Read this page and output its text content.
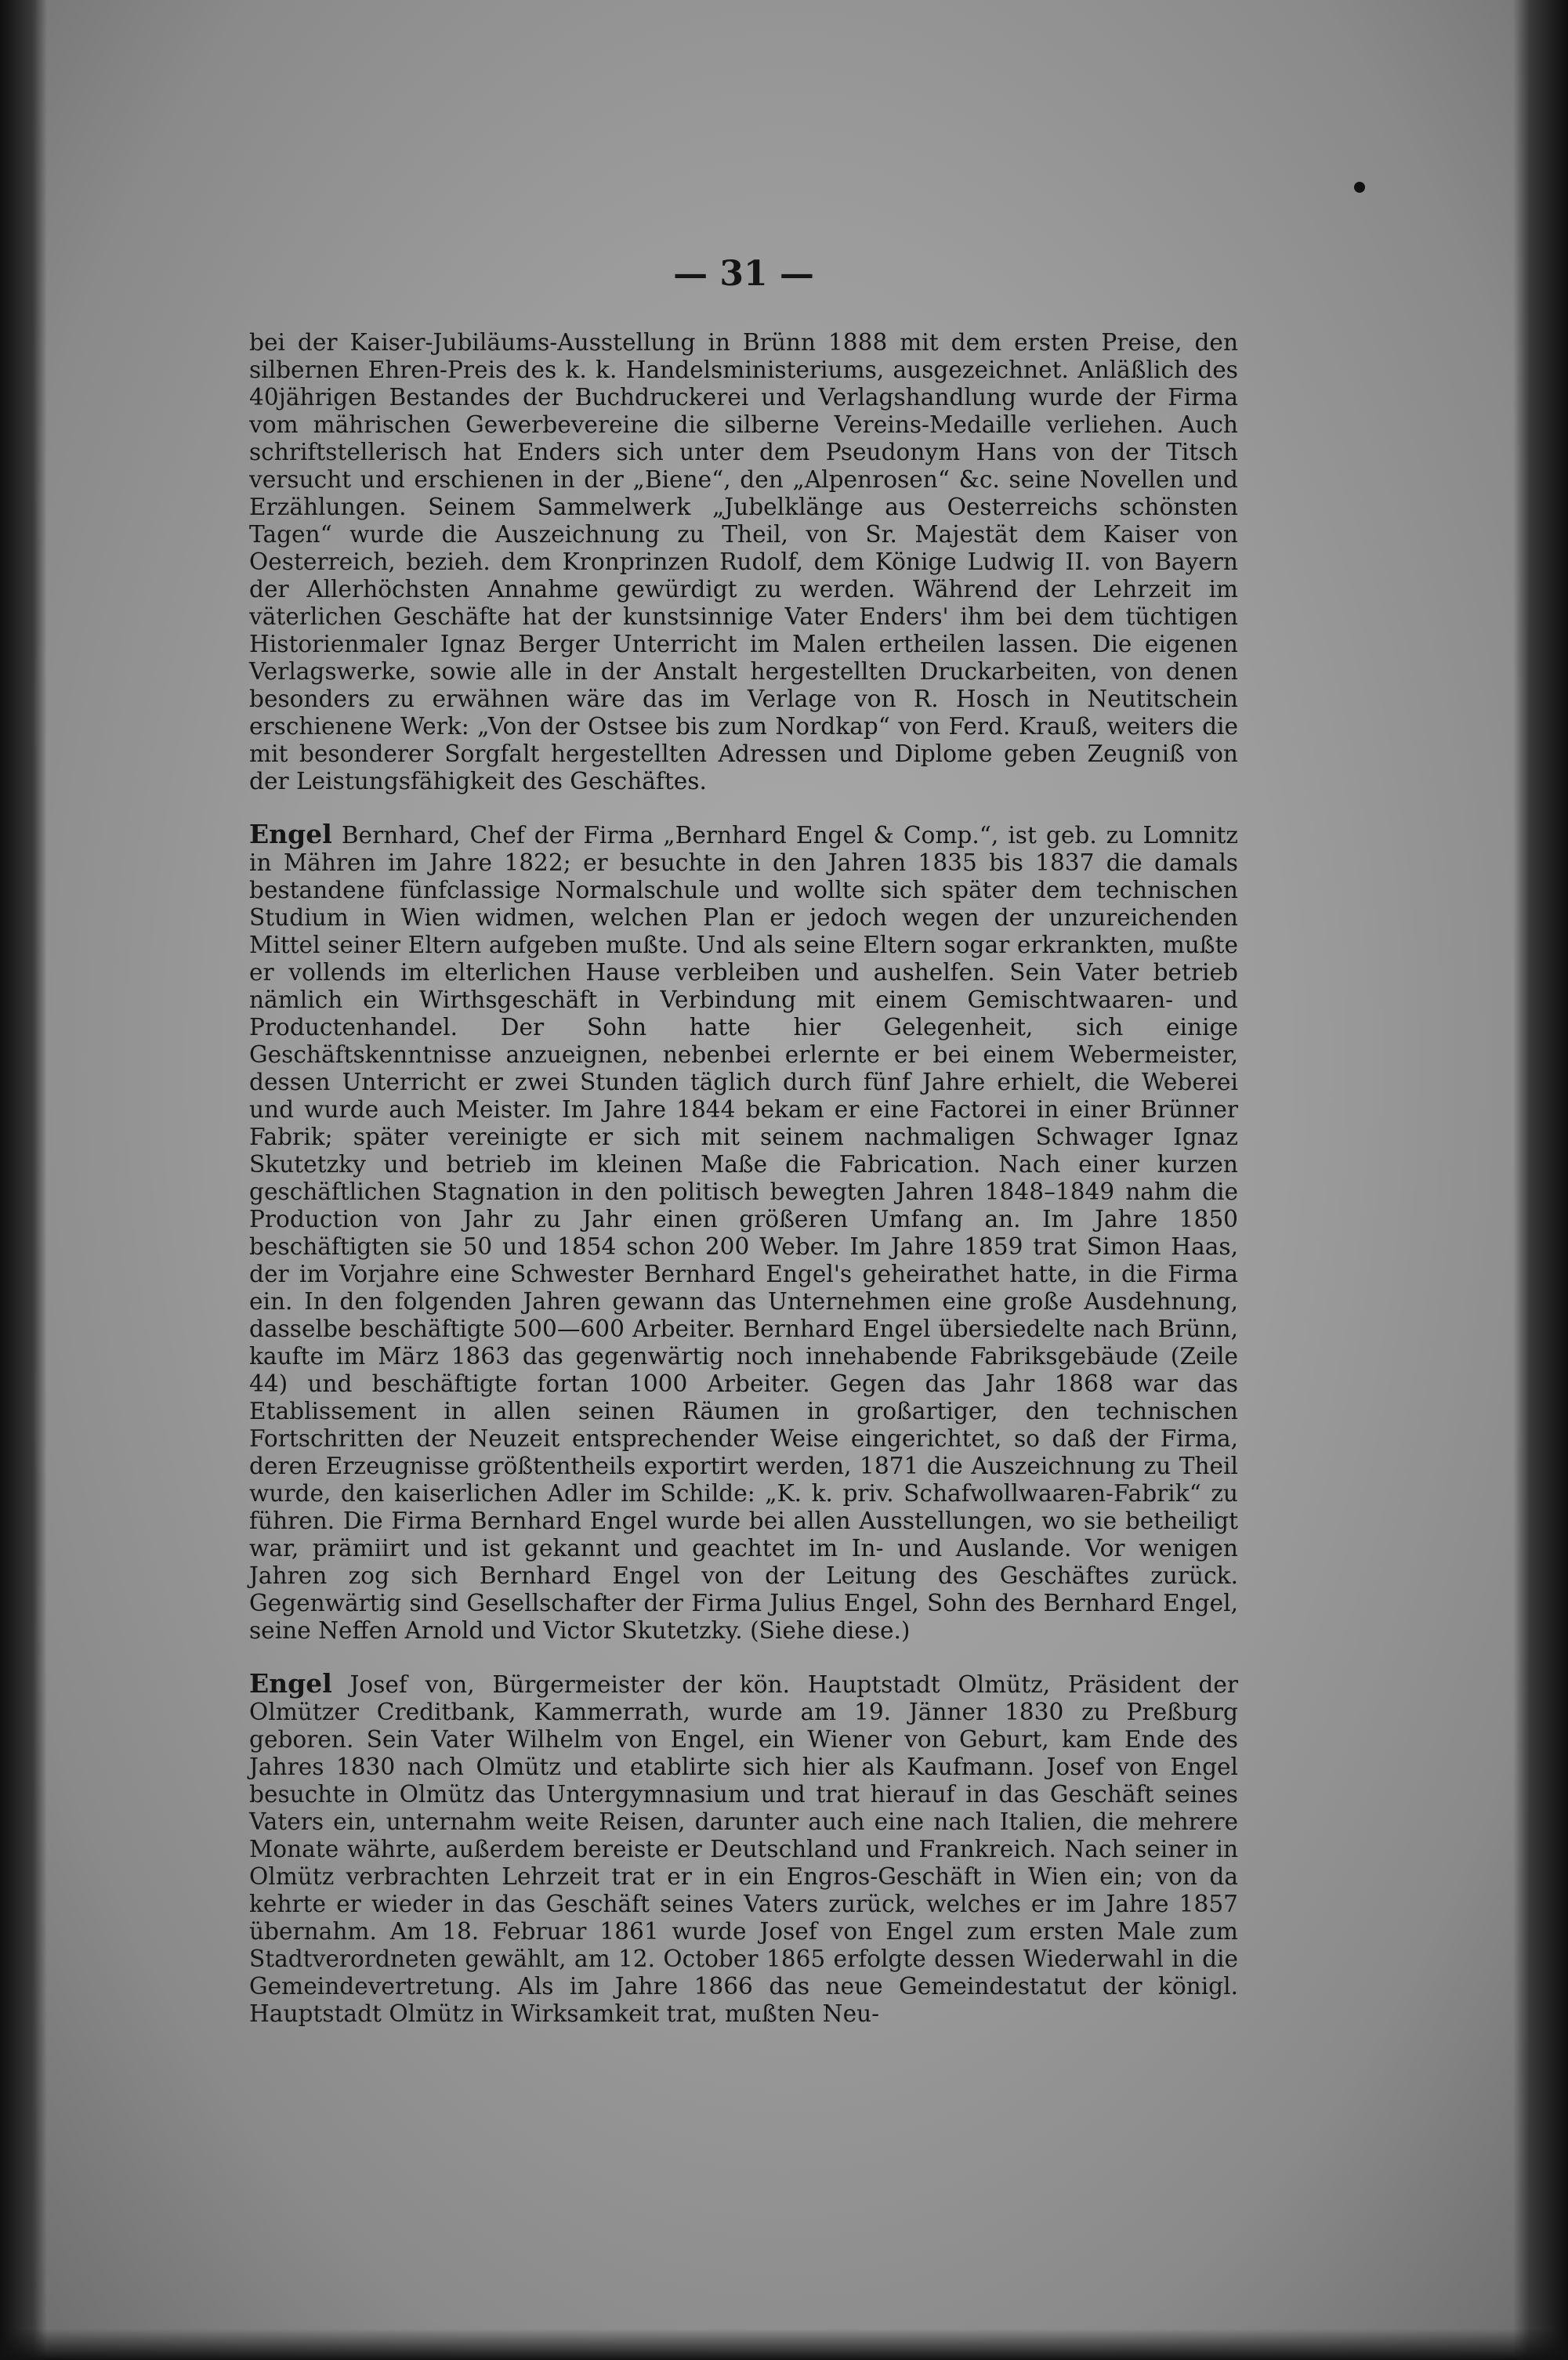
— 31 —

bei der Kaiser-Jubiläums-Ausstellung in Brünn 1888 mit dem ersten Preise, den silbernen Ehren-Preis des k. k. Handelsministeriums, ausgezeichnet. Anläßlich des 40jährigen Bestandes der Buchdruckerei und Verlagshandlung wurde der Firma vom mährischen Gewerbevereine die silberne Vereins-Medaille verliehen. Auch schriftstellerisch hat Enders sich unter dem Pseudonym Hans von der Titsch versucht und erschienen in der „Biene“, den „Alpenrosen“ &c. seine Novellen und Erzählungen. Seinem Sammelwerk „Jubelklänge aus Oesterreichs schönsten Tagen“ wurde die Auszeichnung zu Theil, von Sr. Majestät dem Kaiser von Oesterreich, bezieh. dem Kronprinzen Rudolf, dem Könige Ludwig II. von Bayern der Allerhöchsten Annahme gewürdigt zu werden. Während der Lehrzeit im väterlichen Geschäfte hat der kunstsinnige Vater Enders' ihm bei dem tüchtigen Historienmaler Ignaz Berger Unterricht im Malen ertheilen lassen. Die eigenen Verlagswerke, sowie alle in der Anstalt hergestellten Druckarbeiten, von denen besonders zu erwähnen wäre das im Verlage von R. Hosch in Neutitschein erschienene Werk: „Von der Ostsee bis zum Nordkap“ von Ferd. Krauß, weiters die mit besonderer Sorgfalt hergestellten Adressen und Diplome geben Zeugniß von der Leistungsfähigkeit des Geschäftes.

Engel Bernhard, Chef der Firma „Bernhard Engel & Comp.“, ist geb. zu Lomnitz in Mähren im Jahre 1822; er besuchte in den Jahren 1835 bis 1837 die damals bestandene fünfclassige Normalschule und wollte sich später dem technischen Studium in Wien widmen, welchen Plan er jedoch wegen der unzureichenden Mittel seiner Eltern aufgeben mußte. Und als seine Eltern sogar erkrankten, mußte er vollends im elterlichen Hause verbleiben und aushelfen. Sein Vater betrieb nämlich ein Wirthsgeschäft in Verbindung mit einem Gemischtwaaren- und Productenhandel. Der Sohn hatte hier Gelegenheit, sich einige Geschäftskenntnisse anzueignen, nebenbei erlernte er bei einem Webermeister, dessen Unterricht er zwei Stunden täglich durch fünf Jahre erhielt, die Weberei und wurde auch Meister. Im Jahre 1844 bekam er eine Factorei in einer Brünner Fabrik; später vereinigte er sich mit seinem nachmaligen Schwager Ignaz Skutetzky und betrieb im kleinen Maße die Fabrication. Nach einer kurzen geschäftlichen Stagnation in den politisch bewegten Jahren 1848–1849 nahm die Production von Jahr zu Jahr einen größeren Umfang an. Im Jahre 1850 beschäftigten sie 50 und 1854 schon 200 Weber. Im Jahre 1859 trat Simon Haas, der im Vorjahre eine Schwester Bernhard Engel's geheirathet hatte, in die Firma ein. In den folgenden Jahren gewann das Unternehmen eine große Ausdehnung, dasselbe beschäftigte 500—600 Arbeiter. Bernhard Engel übersiedelte nach Brünn, kaufte im März 1863 das gegenwärtig noch innehabende Fabriksgebäude (Zeile 44) und beschäftigte fortan 1000 Arbeiter. Gegen das Jahr 1868 war das Etablissement in allen seinen Räumen in großartiger, den technischen Fortschritten der Neuzeit entsprechender Weise eingerichtet, so daß der Firma, deren Erzeugnisse größtentheils exportirt werden, 1871 die Auszeichnung zu Theil wurde, den kaiserlichen Adler im Schilde: „K. k. priv. Schafwollwaaren-Fabrik“ zu führen. Die Firma Bernhard Engel wurde bei allen Ausstellungen, wo sie betheiligt war, prämiirt und ist gekannt und geachtet im In- und Auslande. Vor wenigen Jahren zog sich Bernhard Engel von der Leitung des Geschäftes zurück. Gegenwärtig sind Gesellschafter der Firma Julius Engel, Sohn des Bernhard Engel, seine Neffen Arnold und Victor Skutetzky. (Siehe diese.)

Engel Josef von, Bürgermeister der kön. Hauptstadt Olmütz, Präsident der Olmützer Creditbank, Kammerrath, wurde am 19. Jänner 1830 zu Preßburg geboren. Sein Vater Wilhelm von Engel, ein Wiener von Geburt, kam Ende des Jahres 1830 nach Olmütz und etablirte sich hier als Kaufmann. Josef von Engel besuchte in Olmütz das Untergymnasium und trat hierauf in das Geschäft seines Vaters ein, unternahm weite Reisen, darunter auch eine nach Italien, die mehrere Monate währte, außerdem bereiste er Deutschland und Frankreich. Nach seiner in Olmütz verbrachten Lehrzeit trat er in ein Engros-Geschäft in Wien ein; von da kehrte er wieder in das Geschäft seines Vaters zurück, welches er im Jahre 1857 übernahm. Am 18. Februar 1861 wurde Josef von Engel zum ersten Male zum Stadtverordneten gewählt, am 12. October 1865 erfolgte dessen Wiederwahl in die Gemeindevertretung. Als im Jahre 1866 das neue Gemeindestatut der königl. Hauptstadt Olmütz in Wirksamkeit trat, mußten Neu-
